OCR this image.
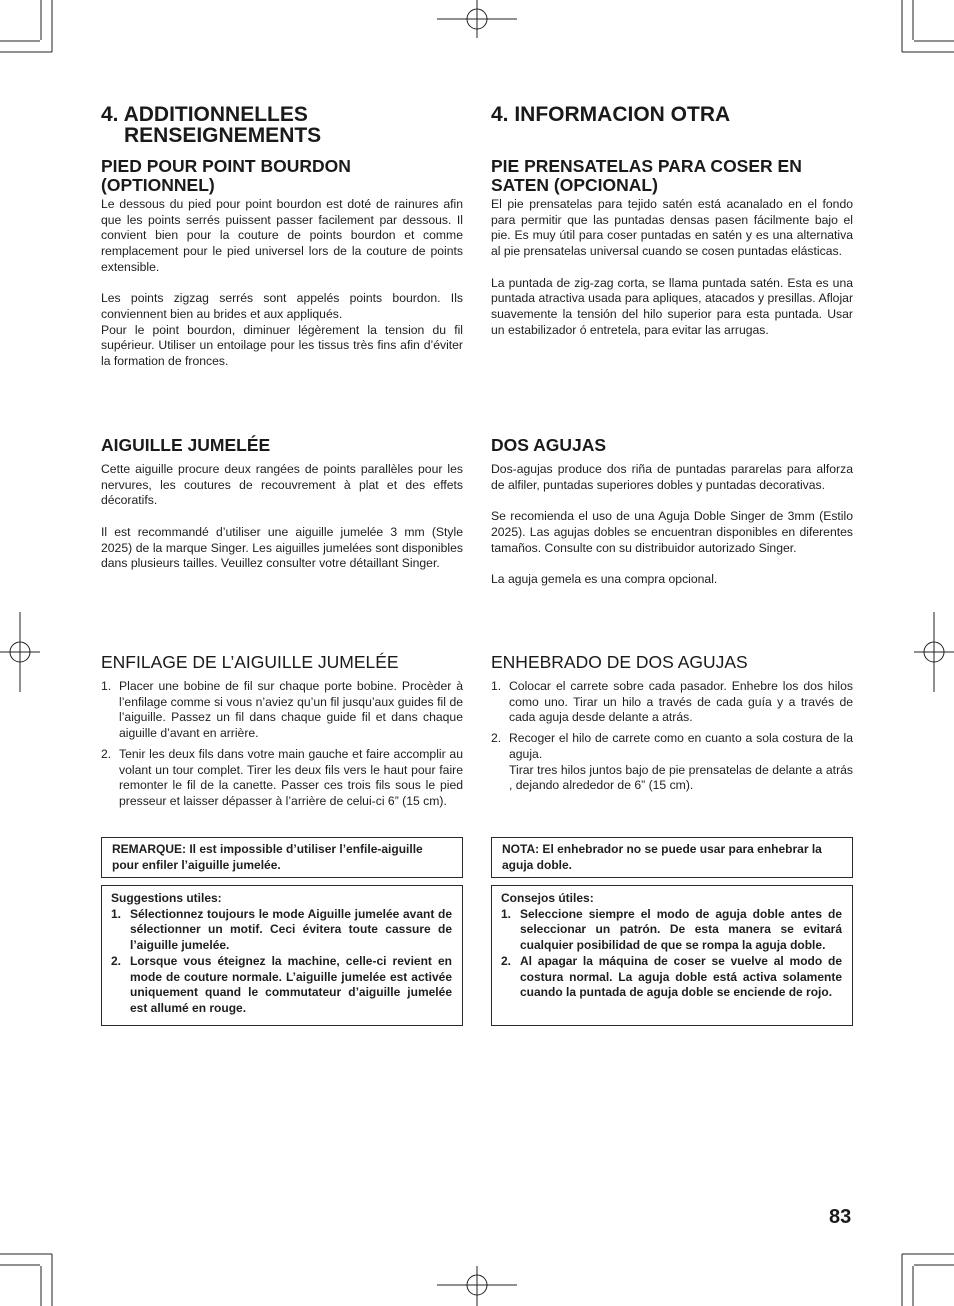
4. ADDITIONNELLES
RENSEIGNEMENTS
PIED POUR POINT BOURDON (OPTIONNEL)

Le dessous du pied pour point bourdon est doté de rainures afin que les points serrés puissent passer facilement par dessous. Il convient bien pour la couture de points bourdon et comme remplacement pour le pied universel lors de la couture de points extensible.

Les points zigzag serrés sont appelés points bourdon. Ils conviennent bien au brides et aux appliqués.

Pour le point bourdon, diminuer légèrement la tension du fil supérieur. Utiliser un entoilage pour les tissus très fins afin d’éviter la formation de fronces.

AIGUILLE JUMELÉE

Cette aiguille procure deux rangées de points parallèles pour les nervures, les coutures de recouvrement à plat et des effets décoratifs.

Il est recommandé d’utiliser une aiguille jumelée 3 mm (Style 2025) de la marque Singer. Les aiguilles jumelées sont disponibles dans plusieurs tailles. Veuillez consulter votre détaillant Singer.

ENFILAGE DE L’AIGUILLE JUMELÉE
1. Placer une bobine de fil sur chaque porte bobine. Procèder à l’enfilage comme si vous n’aviez qu’un fil jusqu’aux guides fil de l’aiguille. Passez un fil dans chaque guide fil et dans chaque aiguille d’avant en arrière.
2. Tenir les deux fils dans votre main gauche et faire accomplir au volant un tour complet. Tirer les deux fils vers le haut pour faire remonter le fil de la canette. Passer ces trois fils sous le pied presseur et laisser dépasser à l’arrière de celui-ci 6” (15 cm).
REMARQUE: Il est impossible d’utiliser l’enfile-aiguille pour enfiler l’aiguille jumelée.

Suggestions utiles:

1. Sélectionnez toujours le mode Aiguille jumelée avant de sélectionner un motif. Ceci évitera toute cassure de l’aiguille jumelée.
2. Lorsque vous éteignez la machine, celle-ci revient en mode de couture normale. L’aiguille jumelée est activée uniquement quand le commutateur d’aiguille jumelée est allumé en rouge.
4. INFORMACION OTRA
PIE PRENSATELAS PARA COSER EN SATEN (OPCIONAL)

El pie prensatelas para tejido satén está acanalado en el fondo para permitir que las puntadas densas pasen fácilmente bajo el pie. Es muy útil para coser puntadas en satén y es una alternativa al pie prensatelas universal cuando se cosen puntadas elásticas.

La puntada de zig-zag corta, se llama puntada satén. Esta es una puntada atractiva usada para apliques, atacados y presillas. Aflojar suavemente la tensión del hilo superior para esta puntada. Usar un estabilizador ó entretela, para evitar las arrugas.

DOS AGUJAS

Dos-agujas produce dos riña de puntadas pararelas para alforza de alfiler, puntadas superiores dobles y puntadas decorativas.

Se recomienda el uso de una Aguja Doble Singer de 3mm (Estilo 2025). Las agujas dobles se encuentran disponibles en diferentes tamaños. Consulte con su distribuidor autorizado Singer.

La aguja gemela es una compra opcional.

ENHEBRADO DE DOS AGUJAS
1. Colocar el carrete sobre cada pasador. Enhebre los dos hilos como uno. Tirar un hilo a través de cada guía y a través de cada aguja desde delante a atrás.
2. Recoger el hilo de carrete como en cuanto a sola costura de la aguja.
Tirar tres hilos juntos bajo de pie prensatelas de delante a atrás , dejando alrededor de 6” (15 cm).
NOTA: El enhebrador no se puede usar para enhebrar la aguja doble.

Consejos útiles:

1. Seleccione siempre el modo de aguja doble antes de seleccionar un patrón. De esta manera se evitará cualquier posibilidad de que se rompa la aguja doble.
2. Al apagar la máquina de coser se vuelve al modo de costura normal. La aguja doble está activa solamente cuando la puntada de aguja doble se enciende de rojo.
83
